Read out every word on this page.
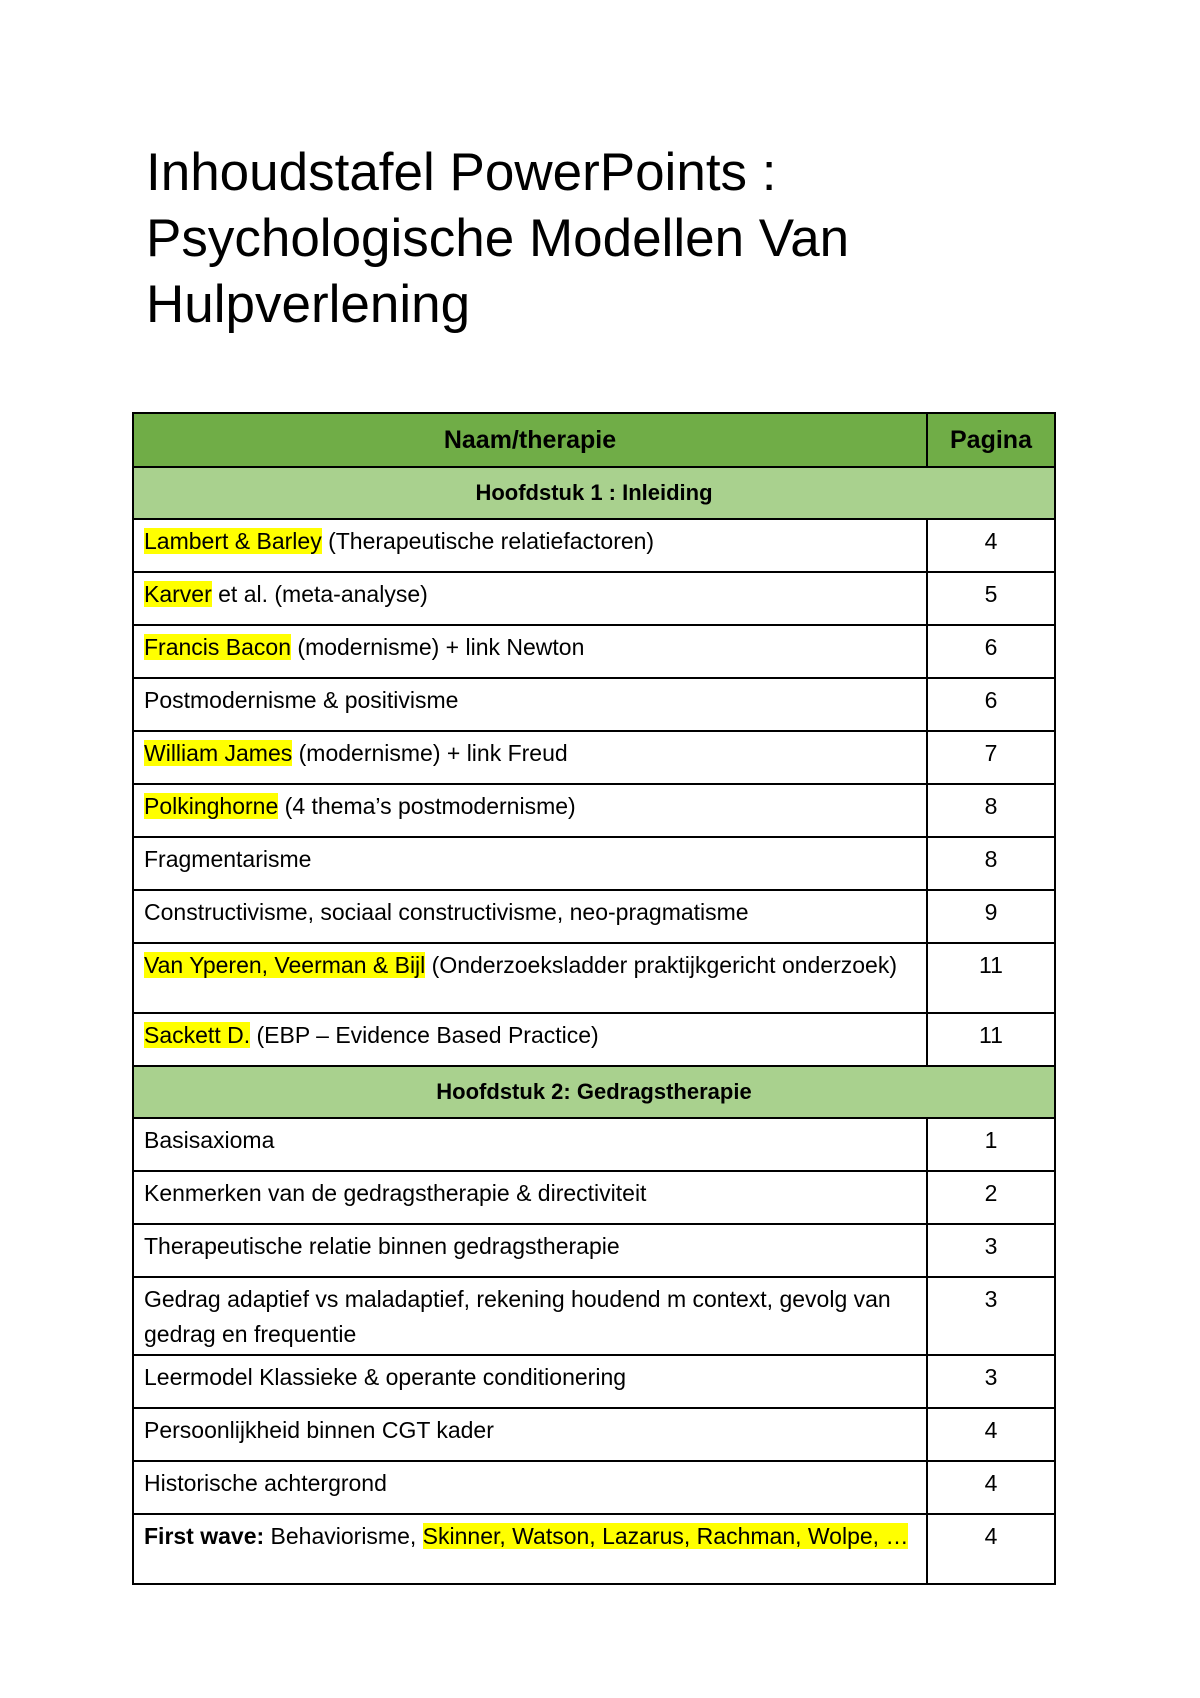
Inhoudstafel PowerPoints :
Psychologische Modellen Van
Hulpverlening
Naam/therapie	Pagina
Hoofdstuk 1 : Inleiding	
Lambert & Barley (Therapeutische relatiefactoren)	4
Karver et al. (meta-analyse)	5
Francis Bacon (modernisme) + link Newton	6
Postmodernisme & positivisme	6
William James (modernisme) + link Freud	7
Polkinghorne (4 thema’s postmodernisme)	8
Fragmentarisme	8
Constructivisme, sociaal constructivisme, neo-pragmatisme	9
Van Yperen, Veerman & Bijl (Onderzoeksladder praktijkgericht onderzoek)	11
Sackett D. (EBP – Evidence Based Practice)	11
Hoofdstuk 2: Gedragstherapie	
Basisaxioma	1
Kenmerken van de gedragstherapie & directiviteit	2
Therapeutische relatie binnen gedragstherapie	3
Gedrag adaptief vs maladaptief, rekening houdend m context, gevolg van gedrag en frequentie	3
Leermodel Klassieke & operante conditionering	3
Persoonlijkheid binnen CGT kader	4
Historische achtergrond	4
First wave: Behaviorisme, Skinner, Watson, Lazarus, Rachman, Wolpe, …	4
